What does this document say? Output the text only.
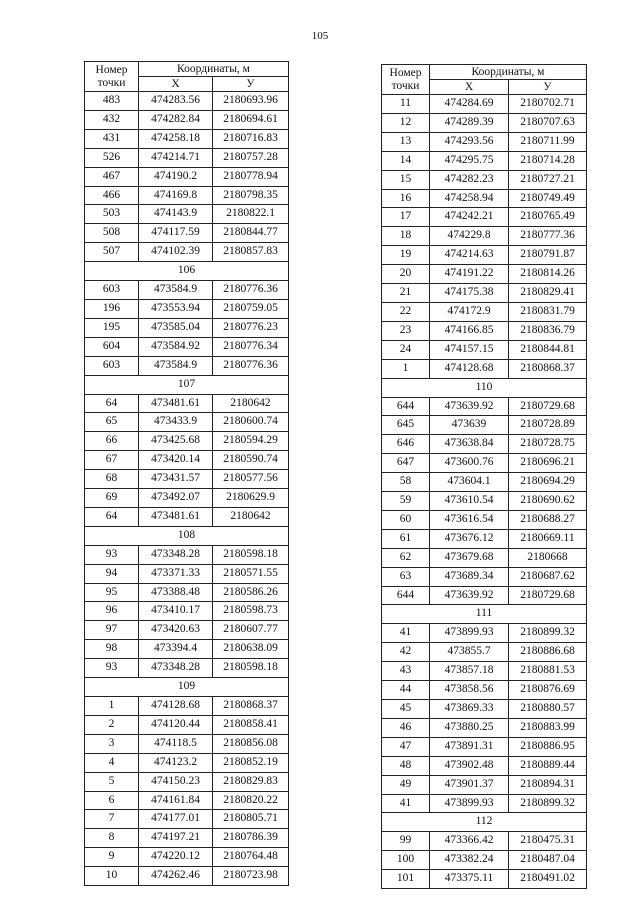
105
Номер
точки	Координаты, м	
	X	У
483	474283.56	2180693.96
432	474282.84	2180694.61
431	474258.18	2180716.83
526	474214.71	2180757.28
467	474190.2	2180778.94
466	474169.8	2180798.35
503	474143.9	2180822.1
508	474117.59	2180844.77
507	474102.39	2180857.83
106		
603	473584.9	2180776.36
196	473553.94	2180759.05
195	473585.04	2180776.23
604	473584.92	2180776.34
603	473584.9	2180776.36
107		
64	473481.61	2180642
65	473433.9	2180600.74
66	473425.68	2180594.29
67	473420.14	2180590.74
68	473431.57	2180577.56
69	473492.07	2180629.9
64	473481.61	2180642
108		
93	473348.28	2180598.18
94	473371.33	2180571.55
95	473388.48	2180586.26
96	473410.17	2180598.73
97	473420.63	2180607.77
98	473394.4	2180638.09
93	473348.28	2180598.18
109		
1	474128.68	2180868.37
2	474120.44	2180858.41
3	474118.5	2180856.08
4	474123.2	2180852.19
5	474150.23	2180829.83
6	474161.84	2180820.22
7	474177.01	2180805.71
8	474197.21	2180786.39
9	474220.12	2180764.48
10	474262.46	2180723.98
Номер
точки	Координаты, м	
	X	У
11	474284.69	2180702.71
12	474289.39	2180707.63
13	474293.56	2180711.99
14	474295.75	2180714.28
15	474282.23	2180727.21
16	474258.94	2180749.49
17	474242.21	2180765.49
18	474229.8	2180777.36
19	474214.63	2180791.87
20	474191.22	2180814.26
21	474175.38	2180829.41
22	474172.9	2180831.79
23	474166.85	2180836.79
24	474157.15	2180844.81
1	474128.68	2180868.37
110		
644	473639.92	2180729.68
645	473639	2180728.89
646	473638.84	2180728.75
647	473600.76	2180696.21
58	473604.1	2180694.29
59	473610.54	2180690.62
60	473616.54	2180688.27
61	473676.12	2180669.11
62	473679.68	2180668
63	473689.34	2180687.62
644	473639.92	2180729.68
111		
41	473899.93	2180899.32
42	473855.7	2180886.68
43	473857.18	2180881.53
44	473858.56	2180876.69
45	473869.33	2180880.57
46	473880.25	2180883.99
47	473891.31	2180886.95
48	473902.48	2180889.44
49	473901.37	2180894.31
41	473899.93	2180899.32
112		
99	473366.42	2180475.31
100	473382.24	2180487.04
101	473375.11	2180491.02
